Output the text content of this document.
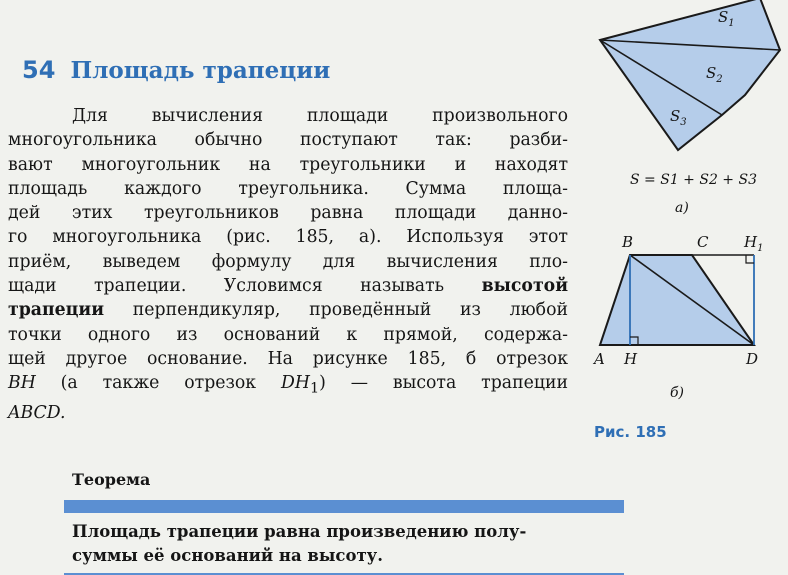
54 Площадь трапеции

Для вычисления площади произвольного
многоугольника обычно поступают так: разби-
вают многоугольник на треугольники и находят
площадь каждого треугольника. Сумма площа-
дей этих треугольников равна площади данно-
го многоугольника (рис. 185, а). Используя этот
приём, выведем формулу для вычисления пло-
щади трапеции. Условимся называть высотой
трапеции перпендикуляр, проведённый из любой
точки одного из оснований к прямой, содержа-
щей другое основание. На рисунке 185, б отрезок
BH (а также отрезок $DH_1$) — высота трапеции
ABCD.

$S_1$
$S_2$
$S_3$
S = S1 + S2 + S3
а)
B	C $H_1$
A H	D
б)
Рис. 185
Теорема

Площадь трапеции равна произведению полу-
суммы её оснований на высоту.
